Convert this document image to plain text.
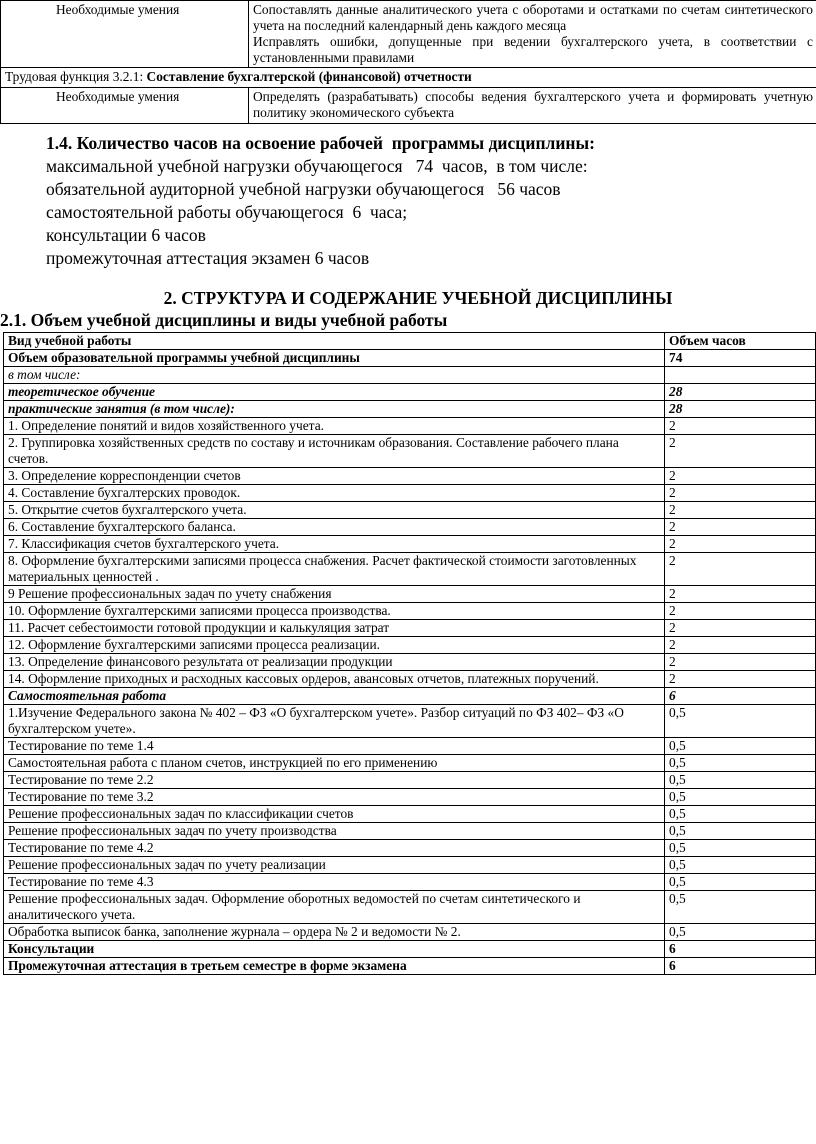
Необходимые умения	Сопоставлять данные аналитического учета с оборотами и остатками по счетам синтетического учета на последний календарный день каждого месяца

Исправлять ошибки, допущенные при ведении бухгалтерского учета, в соответствии с установленными правилами

Трудовая функция 3.2.1: Составление бухгалтерской (финансовой) отчетности	

Необходимые умения	Определять (разрабатывать) способы ведения бухгалтерского учета и формировать учетную политику экономического субъекта
1.4. Количество часов на освоение рабочей  программы дисциплины:
максимальной учебной нагрузки обучающегося   74  часов,  в том числе:
обязательной аудиторной учебной нагрузки обучающегося   56 часов
самостоятельной работы обучающегося  6  часа;
консультации 6 часов
промежуточная аттестация экзамен 6 часов
2. СТРУКТУРА И СОДЕРЖАНИЕ УЧЕБНОЙ ДИСЦИПЛИНЫ
2.1. Объем учебной дисциплины и виды учебной работы
Вид учебной работы	Объем часов
Объем образовательной программы учебной дисциплины	74
в том числе:	
теоретическое обучение	28
практические занятия (в том числе):	28
1. Определение понятий и видов хозяйственного учета.	2
2. Группировка хозяйственных средств по составу и источникам образования. Составление рабочего плана счетов.	2
3. Определение корреспонденции счетов	2
4. Составление бухгалтерских проводок.	2
5. Открытие счетов бухгалтерского учета.	2
6. Составление бухгалтерского баланса.	2
7. Классификация счетов бухгалтерского учета.	2
8. Оформление бухгалтерскими записями процесса снабжения. Расчет фактической стоимости заготовленных материальных ценностей .	2
9 Решение профессиональных задач по учету снабжения	2
10. Оформление бухгалтерскими записями процесса производства.	2
11. Расчет себестоимости готовой продукции и калькуляция затрат	2
12. Оформление бухгалтерскими записями процесса реализации.	2
13. Определение финансового результата от реализации продукции	2
14. Оформление приходных и расходных кассовых ордеров, авансовых отчетов, платежных поручений.	2
Самостоятельная работа	6
1.Изучение Федерального закона № 402 – ФЗ «О бухгалтерском учете». Разбор ситуаций по ФЗ 402– ФЗ «О бухгалтерском учете».	0,5
Тестирование по теме 1.4	0,5
Самостоятельная работа с планом счетов, инструкцией по его применению	0,5
Тестирование по теме 2.2	0,5
Тестирование по теме 3.2	0,5
Решение профессиональных задач по классификации счетов	0,5
Решение профессиональных задач по учету производства	0,5
Тестирование по теме 4.2	0,5
Решение профессиональных задач по учету реализации	0,5
Тестирование по теме 4.3	0,5
Решение профессиональных задач. Оформление оборотных ведомостей по счетам синтетического и аналитического учета.	0,5
Обработка выписок банка, заполнение журнала – ордера № 2 и ведомости № 2.	0,5
Консультации	6
Промежуточная аттестация в третьем семестре в форме экзамена	6
